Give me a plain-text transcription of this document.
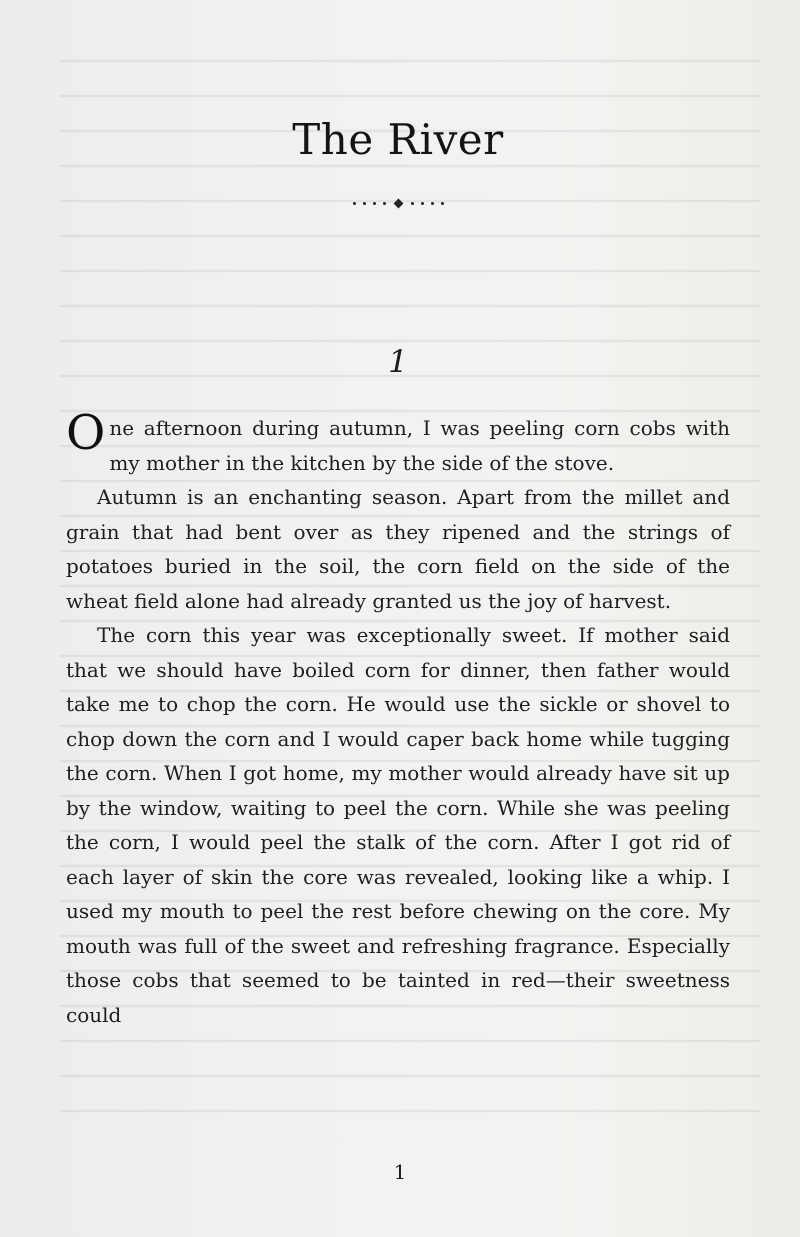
The River
1

One afternoon during autumn, I was peeling corn cobs with my mother in the kitchen by the side of the stove.

Autumn is an enchanting season. Apart from the millet and grain that had bent over as they ripened and the strings of potatoes buried in the soil, the corn field on the side of the wheat field alone had already granted us the joy of harvest.

The corn this year was exceptionally sweet. If mother said that we should have boiled corn for dinner, then father would take me to chop the corn. He would use the sickle or shovel to chop down the corn and I would caper back home while tugging the corn. When I got home, my mother would already have sit up by the window, waiting to peel the corn. While she was peeling the corn, I would peel the stalk of the corn. After I got rid of each layer of skin the core was revealed, looking like a whip. I used my mouth to peel the rest before chewing on the core. My mouth was full of the sweet and refreshing fragrance. Especially those cobs that seemed to be tainted in red—their sweetness could

1
